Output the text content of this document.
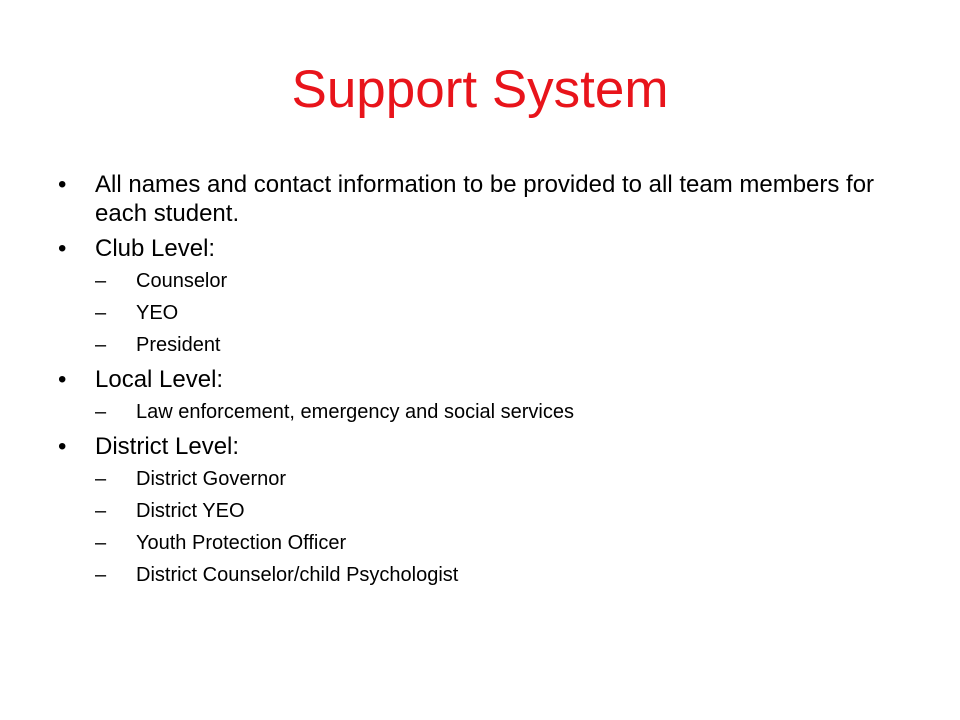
Support System
•	All names and contact information to be provided to all team members for each student.
•	Club Level:
–	Counselor
–	YEO
–	President
•	Local Level:
–	Law enforcement, emergency and social services
•	District Level:
–	District Governor
–	District YEO
–	Youth Protection Officer
–	District Counselor/child Psychologist
